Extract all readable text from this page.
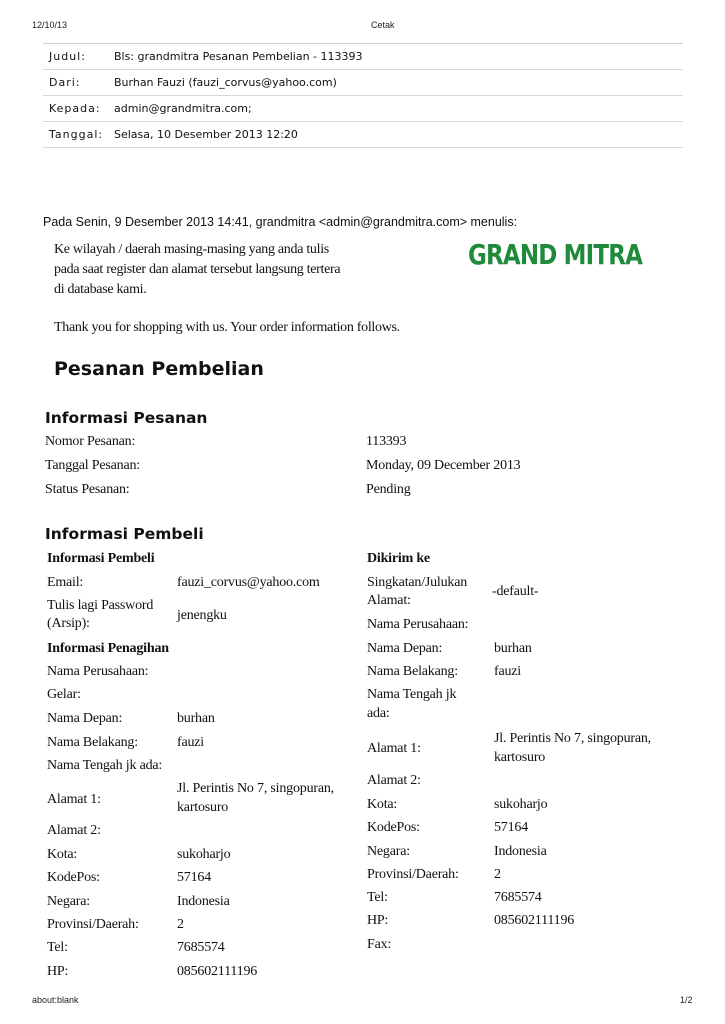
12/10/13	Cetak
Judul:	Bls: grandmitra Pesanan Pembelian - 113393
Dari:	Burhan Fauzi (fauzi_corvus@yahoo.com)
Kepada:	admin@grandmitra.com;
Tanggal: Selasa, 10 Desember 2013 12:20
Pada Senin, 9 Desember 2013 14:41, grandmitra <admin@grandmitra.com> menulis:
Ke wilayah / daerah masing-masing yang anda tulis
pada saat register dan alamat tersebut langsung tertera
di database kami.
GRAND MITRA
Thank you for shopping with us. Your order information follows.
Pesanan Pembelian
Informasi Pesanan
Nomor Pesanan:	113393
Tanggal Pesanan:	Monday, 09 December 2013
Status Pesanan:	Pending
Informasi Pembeli
Informasi Pembeli
Email:	fauzi_corvus@yahoo.com
Tulis lagi Password
(Arsip):
jenengku
Informasi Penagihan
Nama Perusahaan:
Gelar:
Nama Depan:	burhan
Nama Belakang:	fauzi
Nama Tengah jk ada:
Alamat 1:
Jl. Perintis No 7, singopuran,
kartosuro
Alamat 2:
Kota:	sukoharjo
KodePos:	57164
Negara:	Indonesia
Provinsi/Daerah:	2
Tel:	7685574
HP:	085602111196
Dikirim ke
Singkatan/Julukan
Alamat:
-default-
Nama Perusahaan:
Nama Depan:	burhan
Nama Belakang:	fauzi
Nama Tengah jk
ada:
Alamat 1:
Jl. Perintis No 7, singopuran,
kartosuro
Alamat 2:
Kota:	sukoharjo
KodePos:	57164
Negara:	Indonesia
Provinsi/Daerah:	2
Tel:	7685574
HP:	085602111196
Fax:
about:blank	1/2
